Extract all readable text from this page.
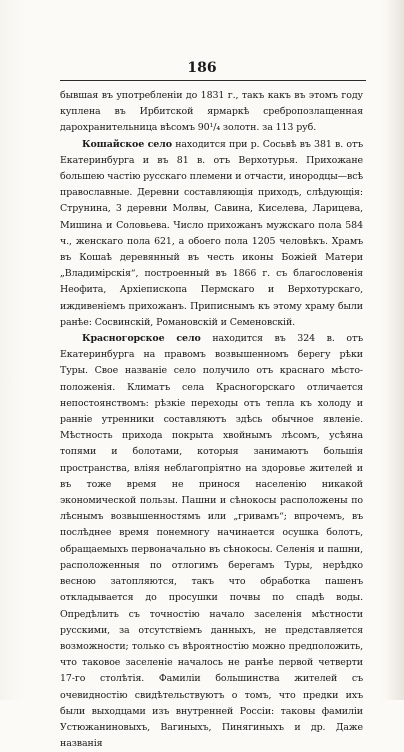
186

бывшая въ употребленіи до 1831 г., такъ какъ въ этомъ году куплена въ Ирбитской ярмаркѣ сребропозлащенная дарохранительница вѣсомъ 90¹/₄ золотн. за 113 руб.

Кошайское село находится при р. Сосьвѣ въ 381 в. отъ Екатеринбурга и въ 81 в. отъ Верхотурья. Прихожане большею частію русскаго племени и отчасти, инородцы—всѣ православные. Деревни составляющія приходъ, слѣдующія: Струнина, 3 деревни Молвы, Савина, Киселева, Ларицева, Мишина и Соловьева. Число прихожанъ мужскаго пола 584 ч., женскаго пола 621, а обоего пола 1205 человѣкъ. Храмъ въ Кошаѣ деревянный въ честь иконы Божіей Матери „Владимірскія“, построенный въ 1866 г. съ благословенія Неофита, Архіепископа Пермскаго и Верхотурскаго, иждивеніемъ прихожанъ. Приписнымъ къ этому храму были ранѣе: Сосвинскій, Романовскій и Семеновскій.

Красногорское село находится въ 324 в. отъ Екатеринбурга на правомъ возвышенномъ берегу рѣки Туры. Свое названіе село получило отъ краснаго мѣсто-положенія. Климатъ села Красногорскаго отличается непостоянствомъ: рѣзкіе переходы отъ тепла къ холоду и ранніе утренники составляютъ здѣсь обычное явленіе. Мѣстность прихода покрыта хвойнымъ лѣсомъ, усѣяна топями и болотами, которыя занимаютъ большія пространства, вліяя неблагопріятно на здоровье жителей и въ тоже время не принося населенію никакой экономической пользы. Пашни и сѣнокосы расположены по лѣснымъ возвышенностямъ или „гривамъ“; впрочемъ, въ послѣднее время понемногу начинается осушка болотъ, обращаемыхъ первоначально въ сѣнокосы. Селенія и пашни, расположенныя по отлогимъ берегамъ Туры, нерѣдко весною затопляются, такъ что обработка пашенъ откладывается до просушки почвы по спадѣ воды. Опредѣлить съ точностію начало заселенія мѣстности русскими, за отсутствіемъ данныхъ, не представляется возможности; только съ вѣроятностію можно предположить, что таковое заселеніе началось не ранѣе первой четверти 17-го столѣтія. Фамиліи большинства жителей съ очевидностію свидѣтельствуютъ о томъ, что предки ихъ были выходцами изъ внутренней Россіи: таковы фамиліи Устюжаниновыхъ, Вагиныхъ, Пинягиныхъ и др. Даже названія
